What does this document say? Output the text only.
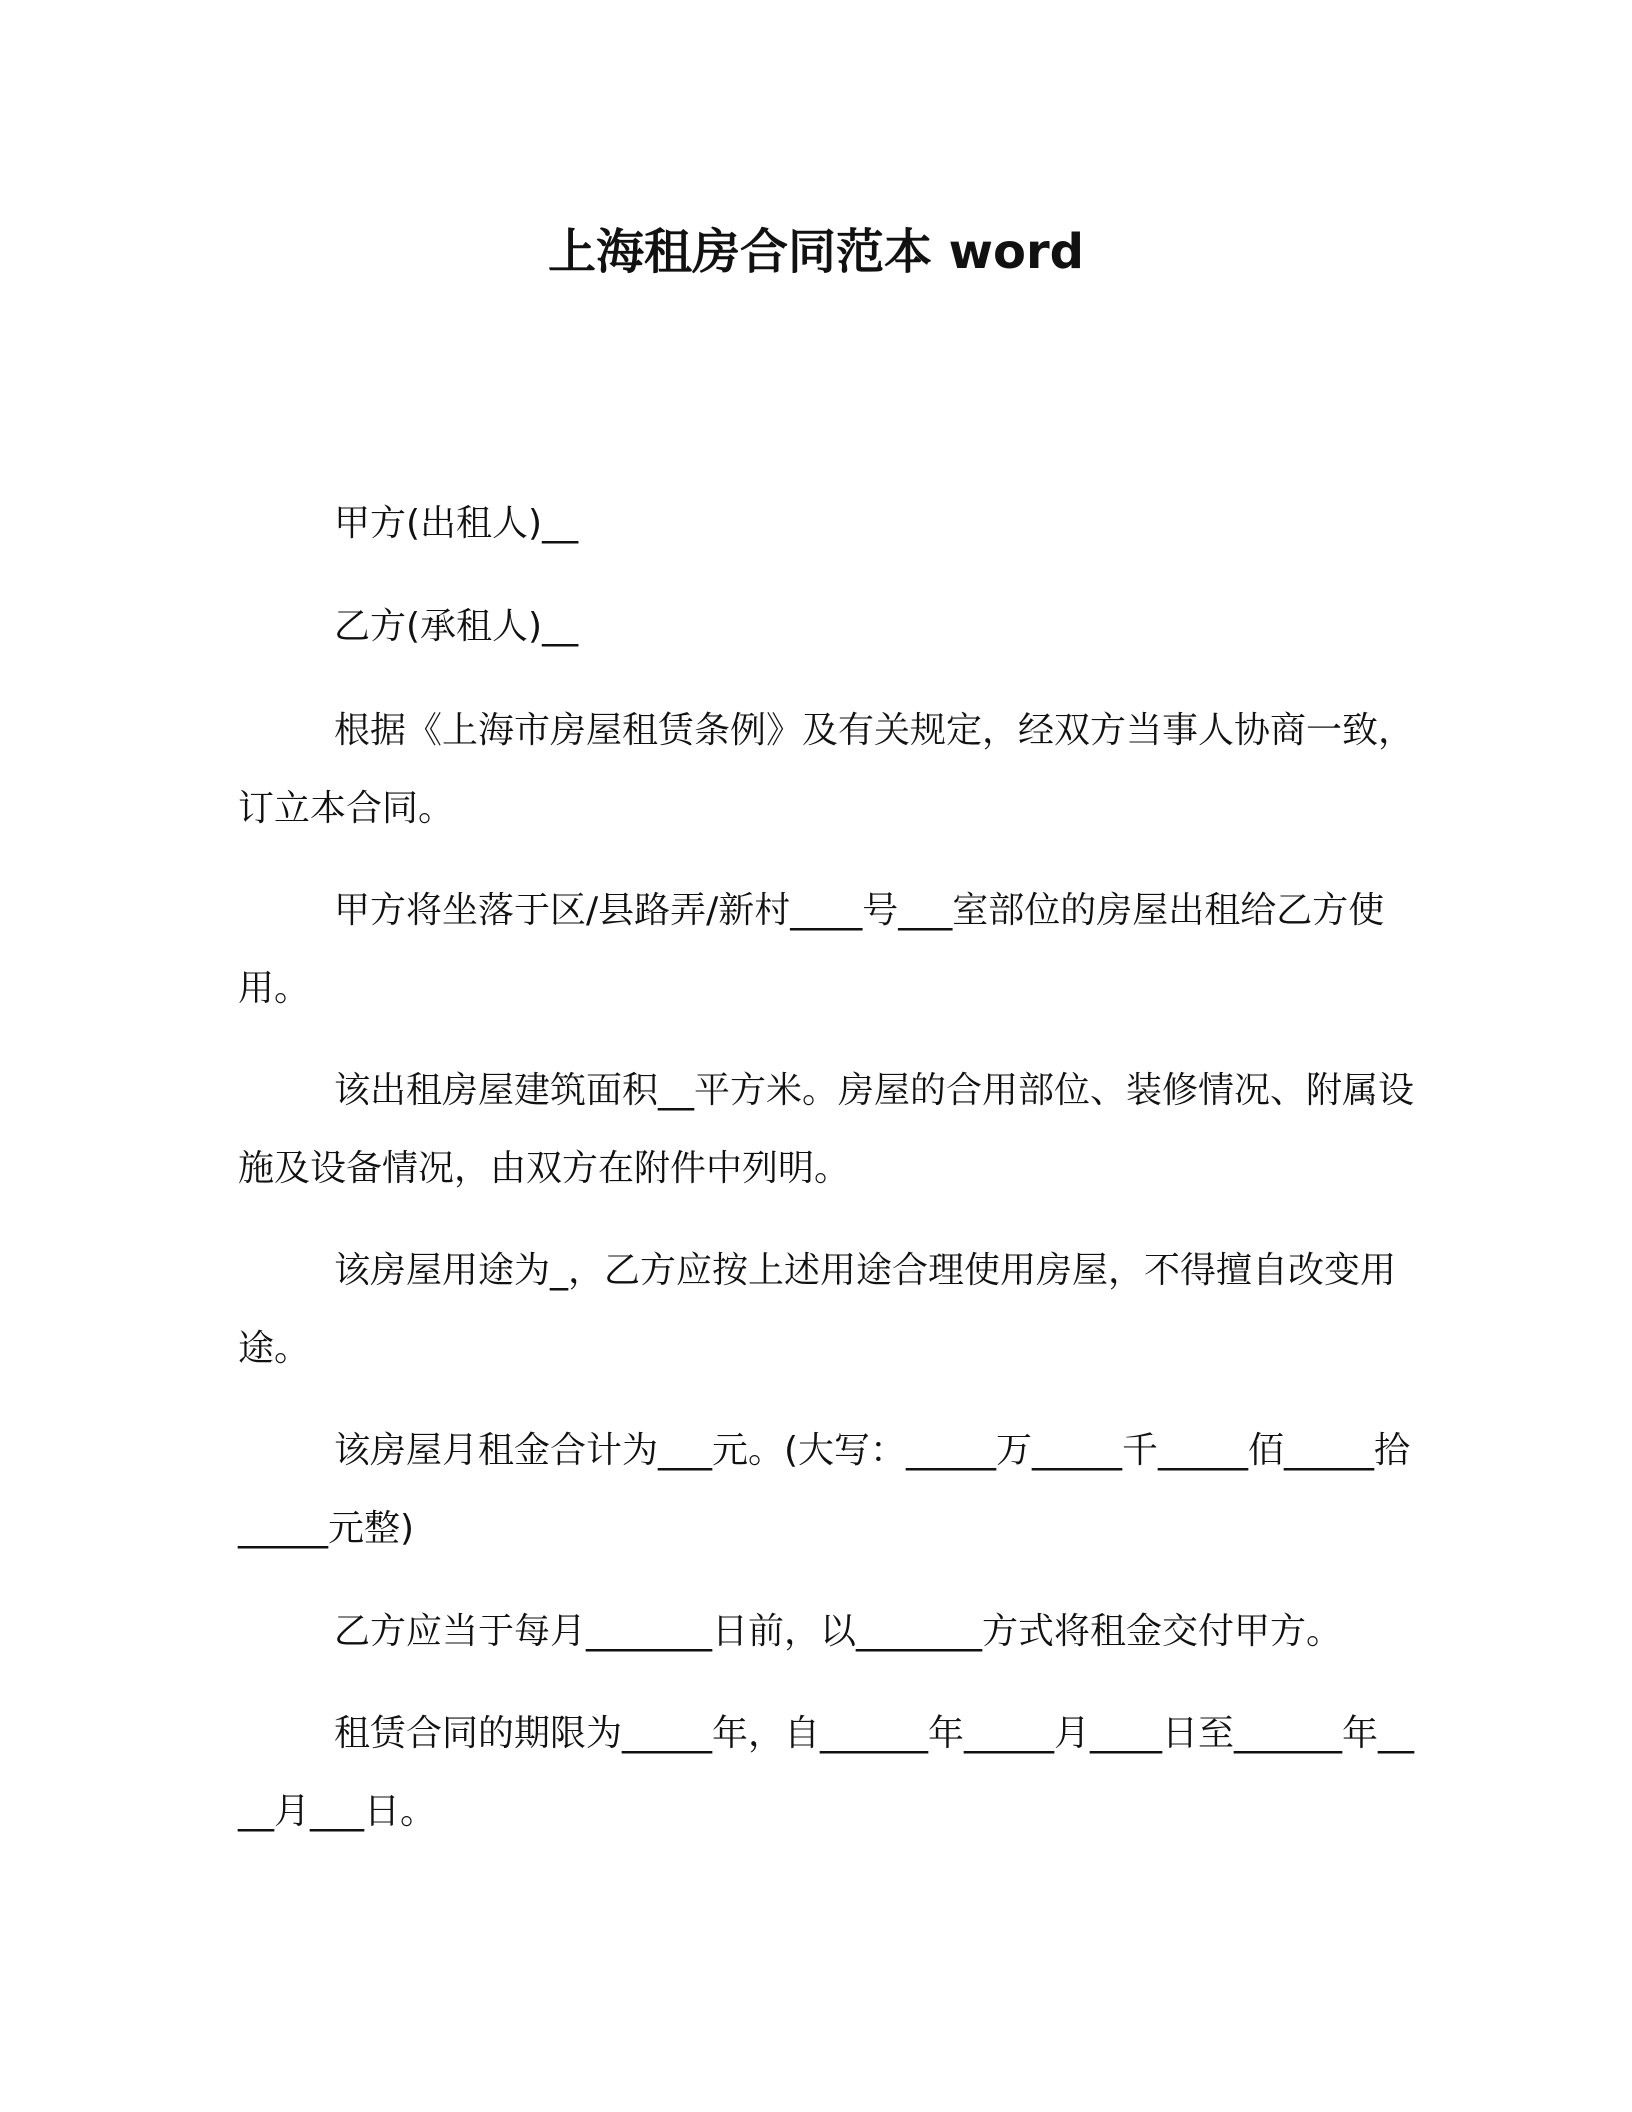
上海租房合同范本 word
甲方(出租人)__
乙方(承租人)__
根据《上海市房屋租赁条例》及有关规定，经双方当事人协商一致，订立本合同。
甲方将坐落于区/县路弄/新村____号___室部位的房屋出租给乙方使用。
该出租房屋建筑面积__平方米。房屋的合用部位、装修情况、附属设施及设备情况，由双方在附件中列明。
该房屋用途为_，乙方应按上述用途合理使用房屋，不得擅自改变用途。
该房屋月租金合计为___元。(大写：_____万_____千_____佰_____拾_____元整)
乙方应当于每月_______日前，以_______方式将租金交付甲方。
租赁合同的期限为_____年，自______年_____月____日至______年____月___日。
